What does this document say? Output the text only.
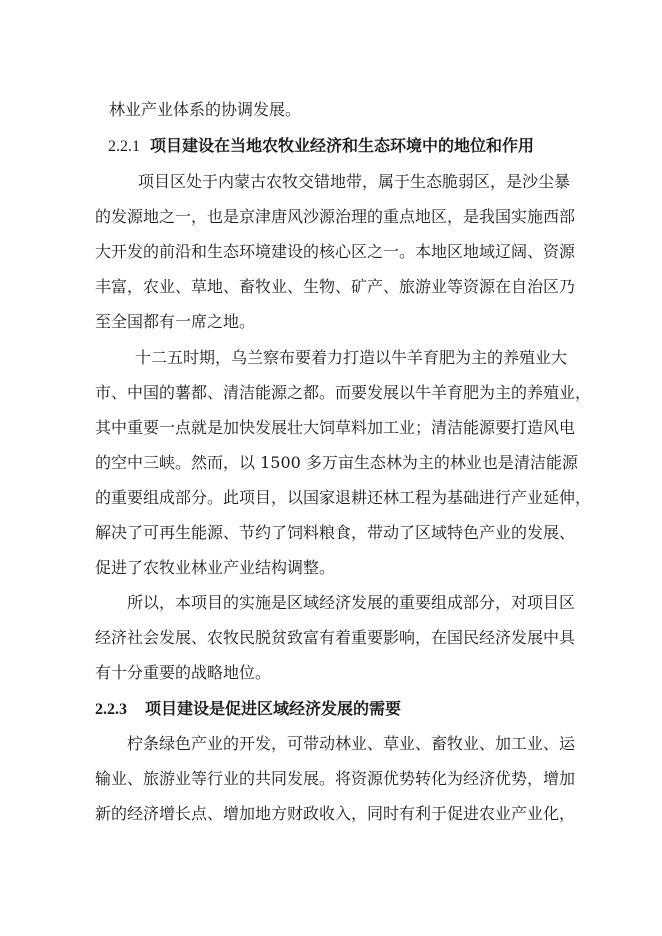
林业产业体系的协调发展。
2.2.1 项目建设在当地农牧业经济和生态环境中的地位和作用
项目区处于内蒙古农牧交错地带，属于生态脆弱区，是沙尘暴
的发源地之一，也是京津唐风沙源治理的重点地区，是我国实施西部
大开发的前沿和生态环境建设的核心区之一。本地区地域辽阔、资源
丰富，农业、草地、畜牧业、生物、矿产、旅游业等资源在自治区乃
至全国都有一席之地。
十二五时期，乌兰察布要着力打造以牛羊育肥为主的养殖业大
市、中国的薯都、清洁能源之都。而要发展以牛羊育肥为主的养殖业，
其中重要一点就是加快发展壮大饲草料加工业；清洁能源要打造风电
的空中三峡。然而，以 1500 多万亩生态林为主的林业也是清洁能源
的重要组成部分。此项目，以国家退耕还林工程为基础进行产业延伸，
解决了可再生能源、节约了饲料粮食，带动了区域特色产业的发展、
促进了农牧业林业产业结构调整。
所以，本项目的实施是区域经济发展的重要组成部分，对项目区
经济社会发展、农牧民脱贫致富有着重要影响，在国民经济发展中具
有十分重要的战略地位。
2.2.3 项目建设是促进区域经济发展的需要
柠条绿色产业的开发，可带动林业、草业、畜牧业、加工业、运
输业、旅游业等行业的共同发展。将资源优势转化为经济优势，增加
新的经济增长点、增加地方财政收入，同时有利于促进农业产业化，
